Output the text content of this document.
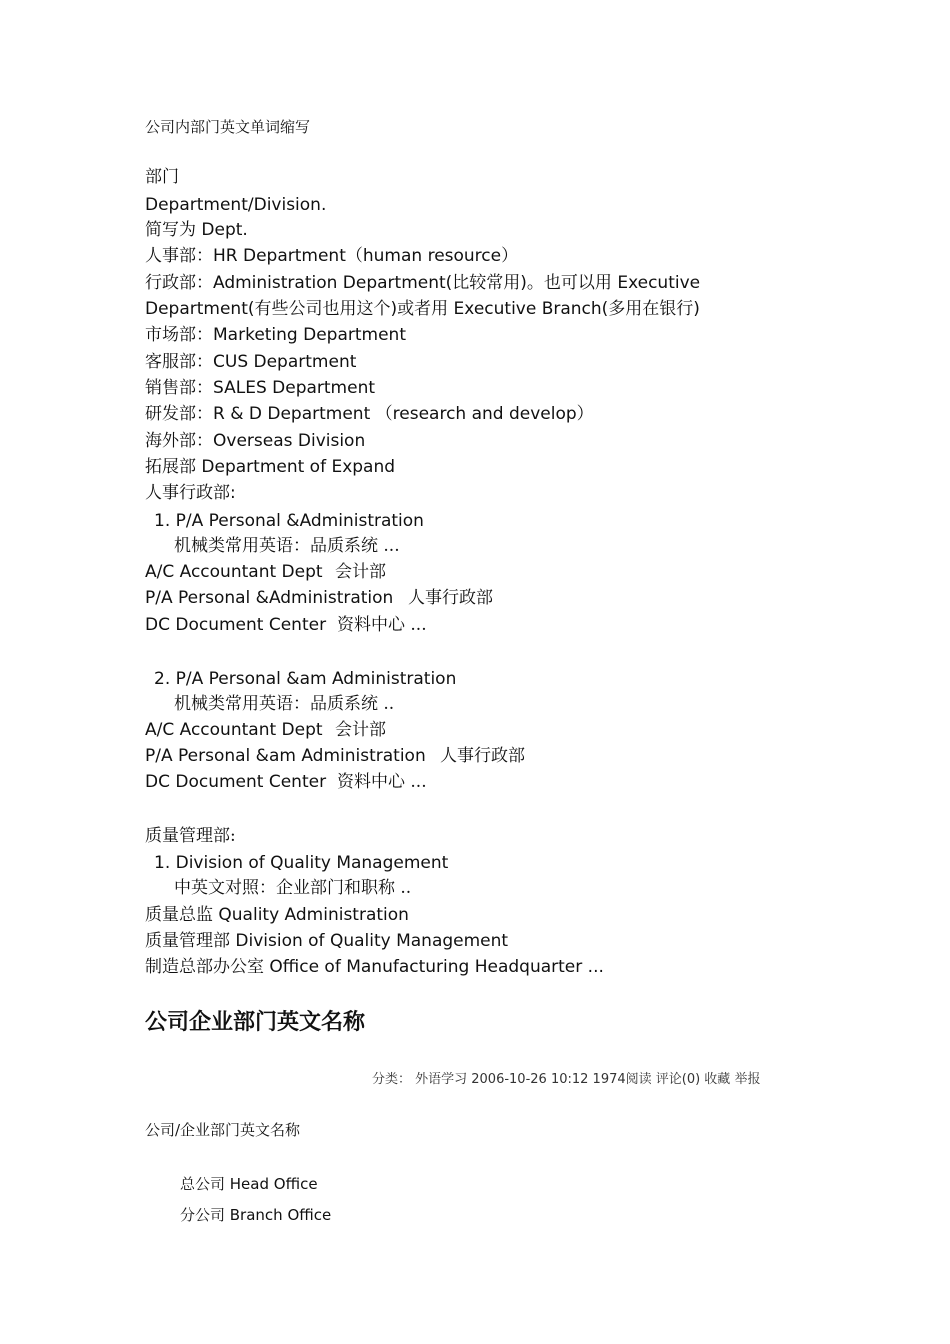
公司内部门英文单词缩写
部门
Department/Division.
简写为 Dept.
人事部：HR Department（human resource）
行政部：Administration Department(比较常用)。也可以用 Executive
Department(有些公司也用这个)或者用 Executive Branch(多用在银行)
市场部：Marketing Department
客服部：CUS Department
销售部：SALES Department
研发部：R & D Department （research and develop）
海外部：Overseas Division
拓展部 Department of Expand
人事行政部:
1. P/A Personal &Administration
机械类常用英语：品质系统 ...
A/C Accountant Dept 会计部
P/A Personal &Administration 人事行政部
DC Document Center 资料中心 ...
2. P/A Personal &am Administration
机械类常用英语：品质系统 ..
A/C Accountant Dept 会计部
P/A Personal &am Administration 人事行政部
DC Document Center 资料中心 ...
质量管理部:
1. Division of Quality Management
中英文对照：企业部门和职称 ..
质量总监 Quality Administration
质量管理部 Division of Quality Management
制造总部办公室 Office of Manufacturing Headquarter ...
公司企业部门英文名称
分类： 外语学习 2006-10-26 10:12 1974阅读 评论(0) 收藏 举报
公司/企业部门英文名称
总公司 Head Office
分公司 Branch Office
